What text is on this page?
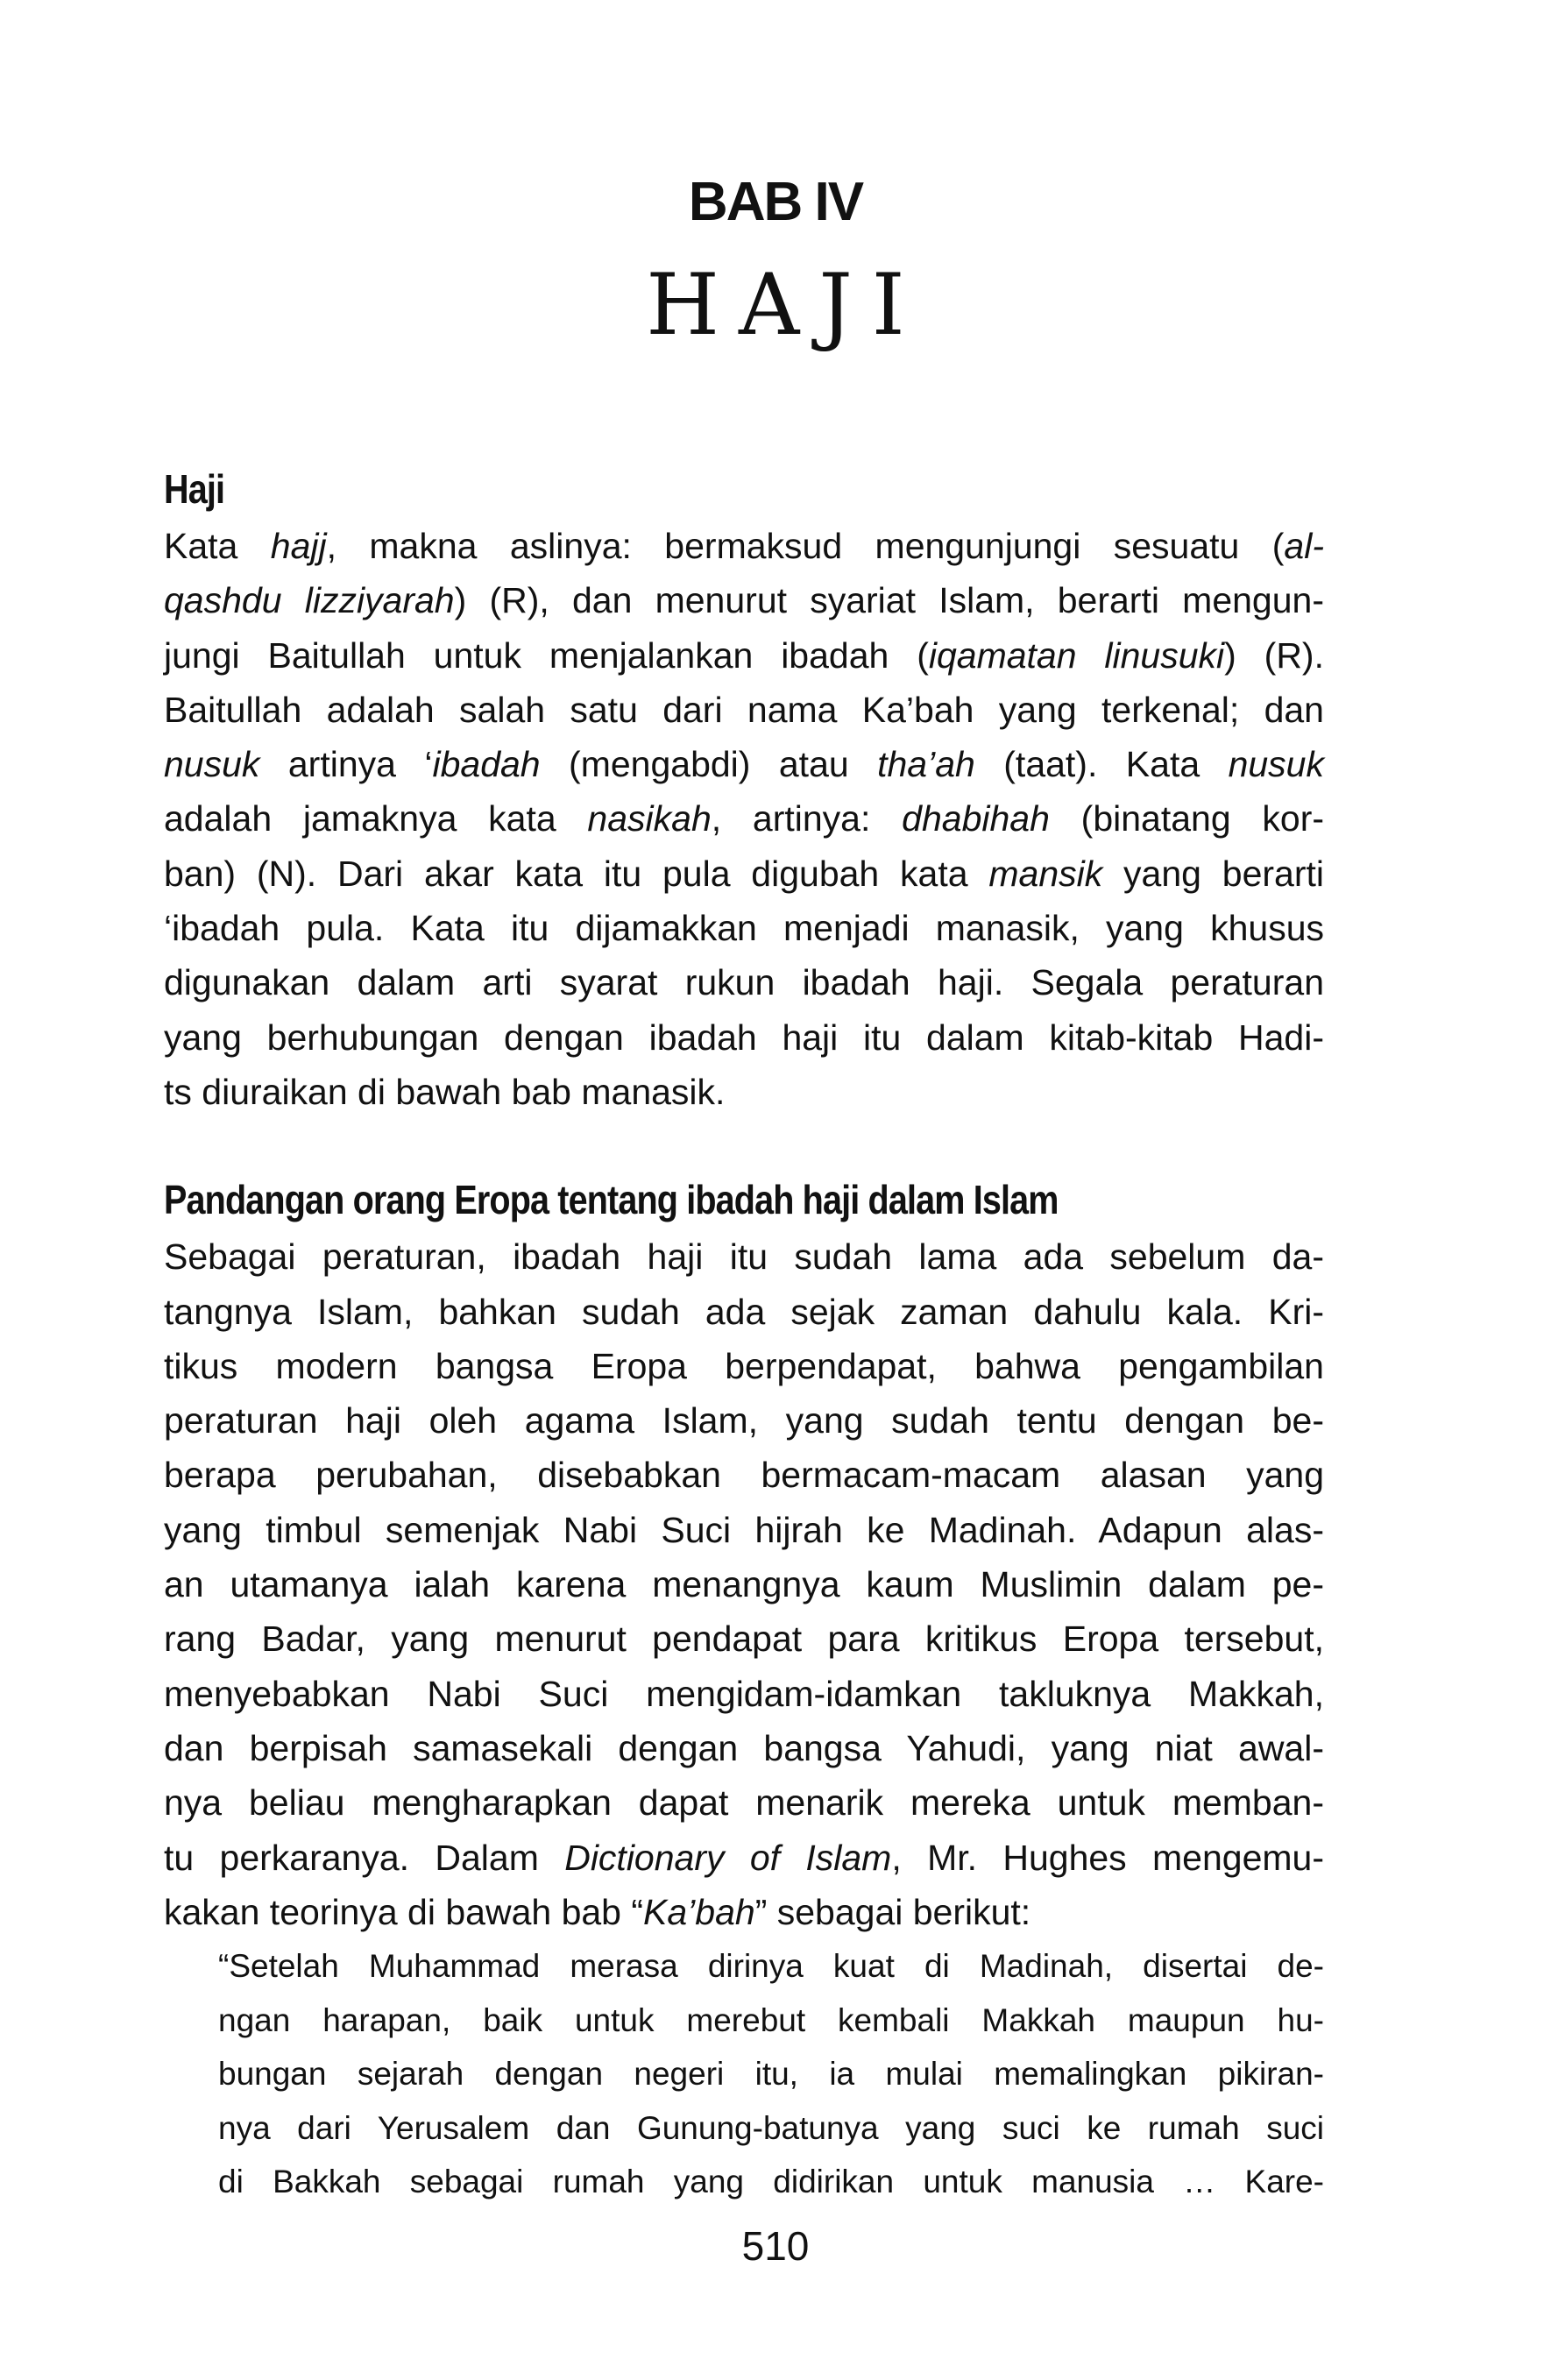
BAB IV
HAJI
Haji
Kata hajj, makna aslinya: bermaksud mengunjungi sesuatu (al-
qashdu lizziyarah) (R), dan menurut syariat Islam, berarti mengun-
jungi Baitullah untuk menjalankan ibadah (iqamatan linusuki) (R).
Baitullah adalah salah satu dari nama Ka’bah yang terkenal; dan
nusuk artinya ‘ibadah (mengabdi) atau tha’ah (taat). Kata nusuk
adalah jamaknya kata nasikah, artinya: dhabihah (binatang kor-
ban) (N). Dari akar kata itu pula digubah kata mansik yang berarti
‘ibadah pula. Kata itu dijamakkan menjadi manasik, yang khusus
digunakan dalam arti syarat rukun ibadah haji. Segala peraturan
yang berhubungan dengan ibadah haji itu dalam kitab-kitab Hadi-
ts diuraikan di bawah bab manasik.
Pandangan orang Eropa tentang ibadah haji dalam Islam
Sebagai peraturan, ibadah haji itu sudah lama ada sebelum da-
tangnya Islam, bahkan sudah ada sejak zaman dahulu kala. Kri-
tikus modern bangsa Eropa berpendapat, bahwa pengambilan
peraturan haji oleh agama Islam, yang sudah tentu dengan be-
berapa perubahan, disebabkan bermacam-macam alasan yang
yang timbul semenjak Nabi Suci hijrah ke Madinah. Adapun alas-
an utamanya ialah karena menangnya kaum Muslimin dalam pe-
rang Badar, yang menurut pendapat para kritikus Eropa tersebut,
menyebabkan Nabi Suci mengidam-idamkan takluknya Makkah,
dan berpisah samasekali dengan bangsa Yahudi, yang niat awal-
nya beliau mengharapkan dapat menarik mereka untuk memban-
tu perkaranya. Dalam Dictionary of Islam, Mr. Hughes mengemu-
kakan teorinya di bawah bab “Ka’bah” sebagai berikut:
“Setelah Muhammad merasa dirinya kuat di Madinah, disertai de-
ngan harapan, baik untuk merebut kembali Makkah maupun hu-
bungan sejarah dengan negeri itu, ia mulai memalingkan pikiran-
nya dari Yerusalem dan Gunung-batunya yang suci ke rumah suci
di Bakkah sebagai rumah yang didirikan untuk manusia … Kare-
510
